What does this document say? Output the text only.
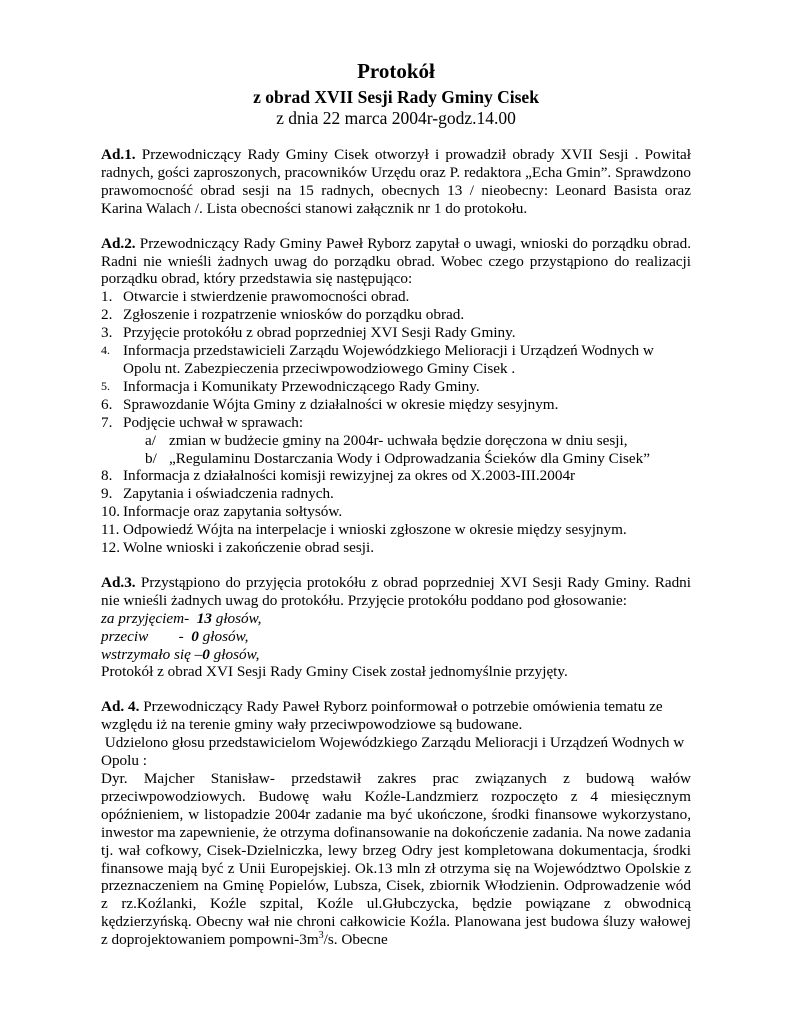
Protokół

z obrad XVII Sesji Rady Gminy Cisek

z dnia 22 marca 2004r-godz.14.00

Ad.1. Przewodniczący Rady Gminy Cisek otworzył i prowadził obrady XVII Sesji . Powitał radnych, gości zaproszonych, pracowników Urzędu oraz P. redaktora „Echa Gmin”. Sprawdzono prawomocność obrad sesji na 15 radnych, obecnych 13 / nieobecny: Leonard Basista oraz Karina Walach /. Lista obecności stanowi załącznik nr 1 do protokołu.

Ad.2. Przewodniczący Rady Gminy Paweł Ryborz zapytał o uwagi, wnioski do porządku obrad. Radni nie wnieśli żadnych uwag do porządku obrad. Wobec czego przystąpiono do realizacji porządku obrad, który przedstawia się następująco:

1. Otwarcie i stwierdzenie prawomocności obrad.
2. Zgłoszenie i rozpatrzenie wniosków do porządku obrad.
3. Przyjęcie protokółu z obrad poprzedniej XVI Sesji Rady Gminy.
4. Informacja przedstawicieli Zarządu Wojewódzkiego Melioracji i Urządzeń Wodnych w Opolu nt. Zabezpieczenia przeciwpowodziowego Gminy Cisek .
5. Informacja i Komunikaty Przewodniczącego Rady Gminy.
6. Sprawozdanie Wójta Gminy z działalności w okresie między sesyjnym.
7. Podjęcie uchwał w sprawach:
a/ zmian w budżecie gminy na 2004r- uchwała będzie doręczona w dniu sesji,
b/ „Regulaminu Dostarczania Wody i Odprowadzania Ścieków dla Gminy Cisek”
8. Informacja z działalności komisji rewizyjnej za okres od X.2003-III.2004r
9. Zapytania i oświadczenia radnych.
10. Informacje oraz zapytania sołtysów.
11. Odpowiedź Wójta na interpelacje i wnioski zgłoszone w okresie między sesyjnym.
12. Wolne wnioski i zakończenie obrad sesji.

Ad.3. Przystąpiono do przyjęcia protokółu z obrad poprzedniej XVI Sesji Rady Gminy. Radni nie wnieśli żadnych uwag do protokółu. Przyjęcie protokółu poddano pod głosowanie:

za przyjęciem-  13 głosów,

przeciw        -  0 głosów,

wstrzymało się –0 głosów,

Protokół z obrad XVI Sesji Rady Gminy Cisek został jednomyślnie przyjęty.

Ad. 4. Przewodniczący Rady Paweł Ryborz poinformował o potrzebie omówienia tematu ze względu iż na terenie gminy wały przeciwpowodziowe są budowane.

Udzielono głosu przedstawicielom Wojewódzkiego Zarządu Melioracji i Urządzeń Wodnych w Opolu :

Dyr. Majcher Stanisław- przedstawił zakres prac związanych z budową wałów przeciwpowodziowych. Budowę wału Koźle-Landzmierz rozpoczęto z 4 miesięcznym opóźnieniem, w listopadzie 2004r zadanie ma być ukończone, środki finansowe wykorzystano, inwestor ma zapewnienie, że otrzyma dofinansowanie na dokończenie zadania. Na nowe zadania tj. wał cofkowy, Cisek-Dzielniczka, lewy brzeg Odry jest kompletowana dokumentacja, środki finansowe mają być z Unii Europejskiej. Ok.13 mln zł otrzyma się na Województwo Opolskie z przeznaczeniem na Gminę Popielów, Lubsza, Cisek, zbiornik Włodzienin. Odprowadzenie wód z rz.Koźlanki, Koźle szpital, Koźle ul.Głubczycka, będzie powiązane z obwodnicą kędzierzyńską. Obecny wał nie chroni całkowicie Koźla. Planowana jest budowa śluzy wałowej z doprojektowaniem pompowni-$3m^3/s$. Obecne
